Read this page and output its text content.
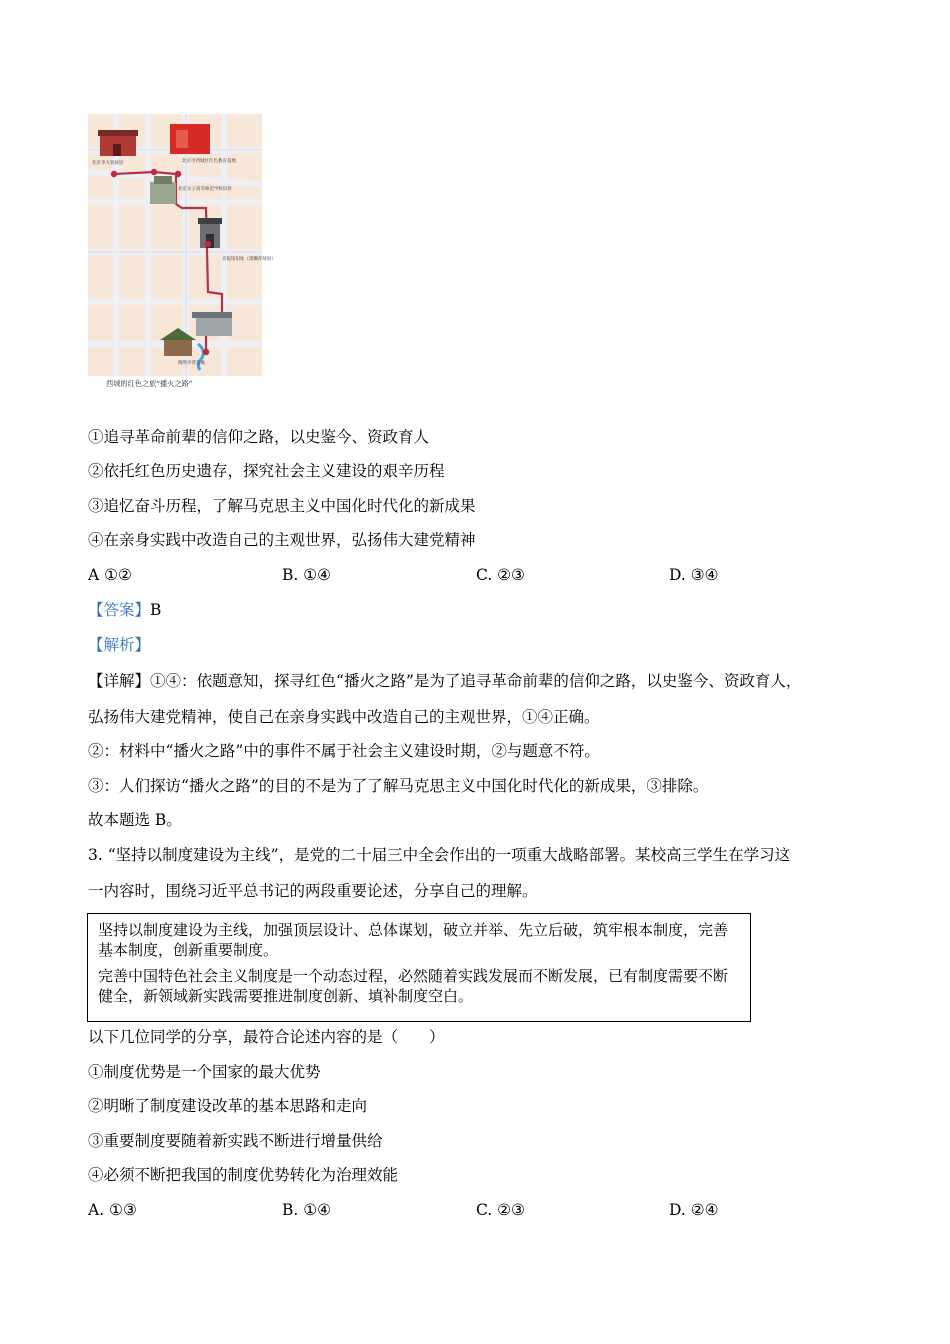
北京李大钊故居	北京市西城区红色教育基地
北京女子高等师范学校旧址
京报馆旧址（邵飘萍故居）
陶然亭慈悲庵
西城的红色之旅“播火之路”
①追寻革命前辈的信仰之路，以史鉴今、资政育人
②依托红色历史遗存，探究社会主义建设的艰辛历程
③追忆奋斗历程，了解马克思主义中国化时代化的新成果
④在亲身实践中改造自己的主观世界，弘扬伟大建党精神
A ①②	B. ①④	C. ②③	D. ③④
【答案】B
【解析】
【详解】①④：依题意知，探寻红色“播火之路”是为了追寻革命前辈的信仰之路，以史鉴今、资政育人，
弘扬伟大建党精神，使自己在亲身实践中改造自己的主观世界，①④正确。
②：材料中“播火之路”中的事件不属于社会主义建设时期，②与题意不符。
③：人们探访“播火之路”的目的不是为了了解马克思主义中国化时代化的新成果，③排除。
故本题选 B。
3. “坚持以制度建设为主线”，是党的二十届三中全会作出的一项重大战略部署。某校高三学生在学习这
一内容时，围绕习近平总书记的两段重要论述，分享自己的理解。

坚持以制度建设为主线，加强顶层设计、总体谋划，破立并举、先立后破，筑牢根本制度，完善基本制度，创新重要制度。

完善中国特色社会主义制度是一个动态过程，必然随着实践发展而不断发展，已有制度需要不断健全，新领域新实践需要推进制度创新、填补制度空白。

以下几位同学的分享，最符合论述内容的是（　　）
①制度优势是一个国家的最大优势
②明晰了制度建设改革的基本思路和走向
③重要制度要随着新实践不断进行增量供给
④必须不断把我国的制度优势转化为治理效能
A. ①③	B. ①④	C. ②③	D. ②④
